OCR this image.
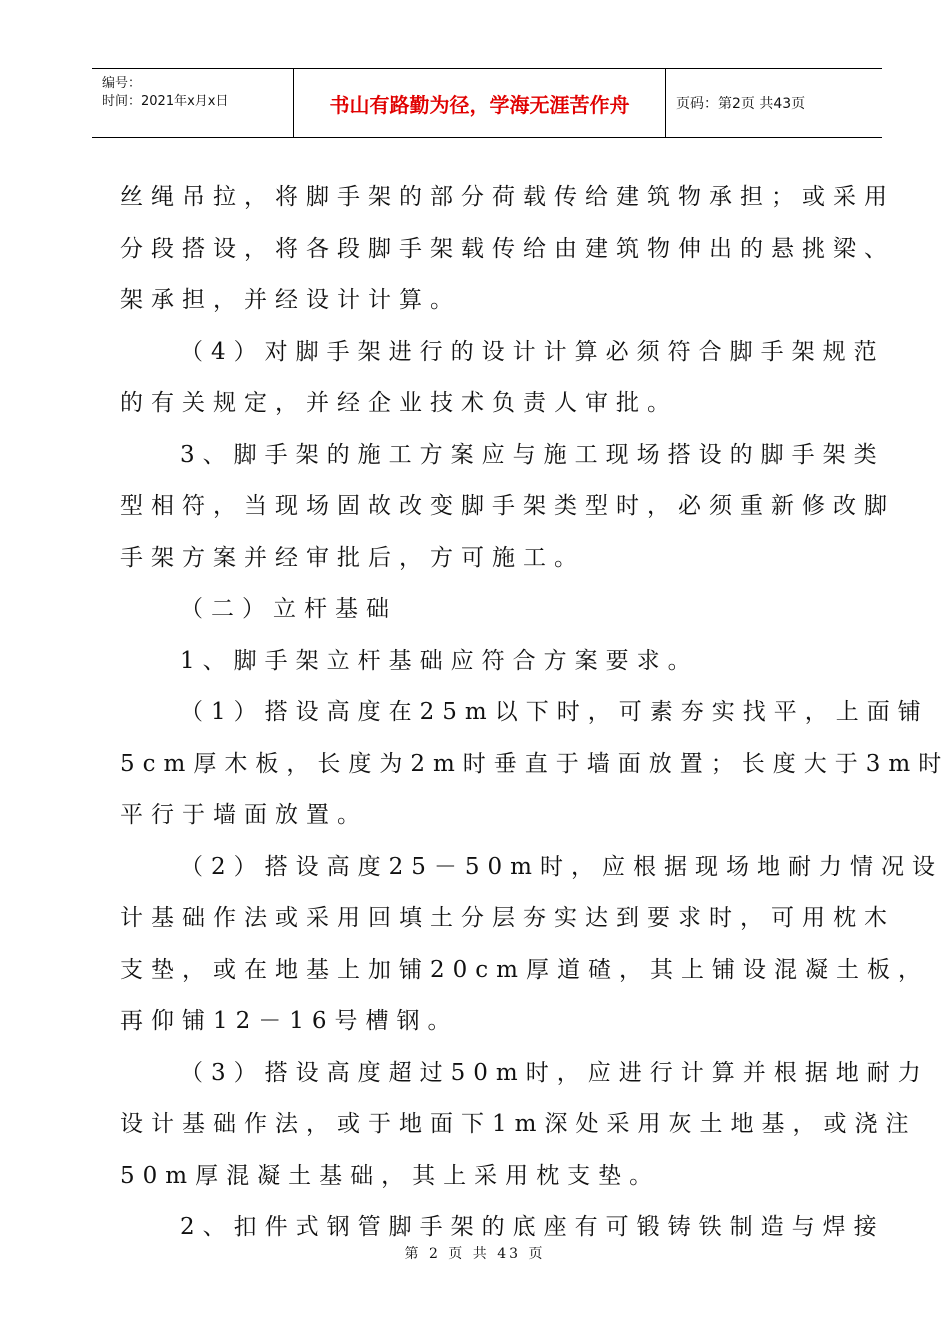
编号：
时间：2021年x月x日	书山有路勤为径，学海无涯苦作舟	页码：第2页 共43页
丝绳吊拉，将脚手架的部分荷载传给建筑物承担；或采用
分段搭设，将各段脚手架载传给由建筑物伸出的悬挑梁、
架承担，并经设计计算。
（4）对脚手架进行的设计计算必须符合脚手架规范
的有关规定，并经企业技术负责人审批。
3、脚手架的施工方案应与施工现场搭设的脚手架类
型相符，当现场固故改变脚手架类型时，必须重新修改脚
手架方案并经审批后，方可施工。
（二）立杆基础
1、脚手架立杆基础应符合方案要求。
（1）搭设高度在25m以下时，可素夯实找平，上面铺
5cm厚木板，长度为2m时垂直于墙面放置；长度大于3m时
平行于墙面放置。
（2）搭设高度25－50m时，应根据现场地耐力情况设
计基础作法或采用回填土分层夯实达到要求时，可用枕木
支垫，或在地基上加铺20cm厚道碴，其上铺设混凝土板，
再仰铺12－16号槽钢。
（3）搭设高度超过50m时，应进行计算并根据地耐力
设计基础作法，或于地面下1m深处采用灰土地基，或浇注
50m厚混凝土基础，其上采用枕支垫。
2、扣件式钢管脚手架的底座有可锻铸铁制造与焊接
第 2 页 共 43 页
